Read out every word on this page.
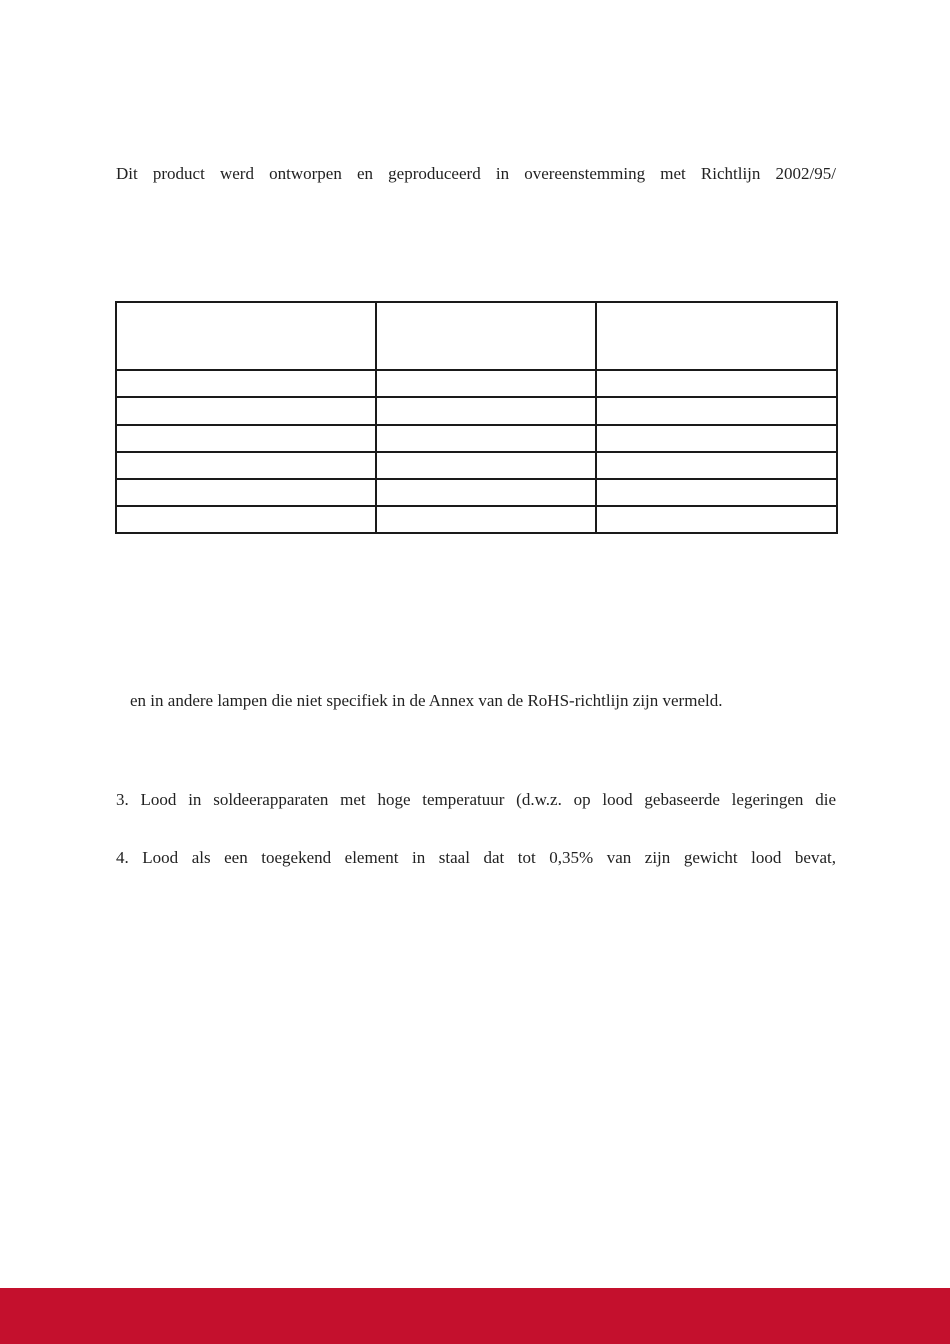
Dit product werd ontworpen en geproduceerd in overeenstemming met Richtlijn 2002/95/

en in andere lampen die niet specifiek in de Annex van de RoHS-richtlijn zijn vermeld.
3. Lood in soldeerapparaten met hoge temperatuur (d.w.z. op lood gebaseerde legeringen die
4. Lood als een toegekend element in staal dat tot 0,35% van zijn gewicht lood bevat,
